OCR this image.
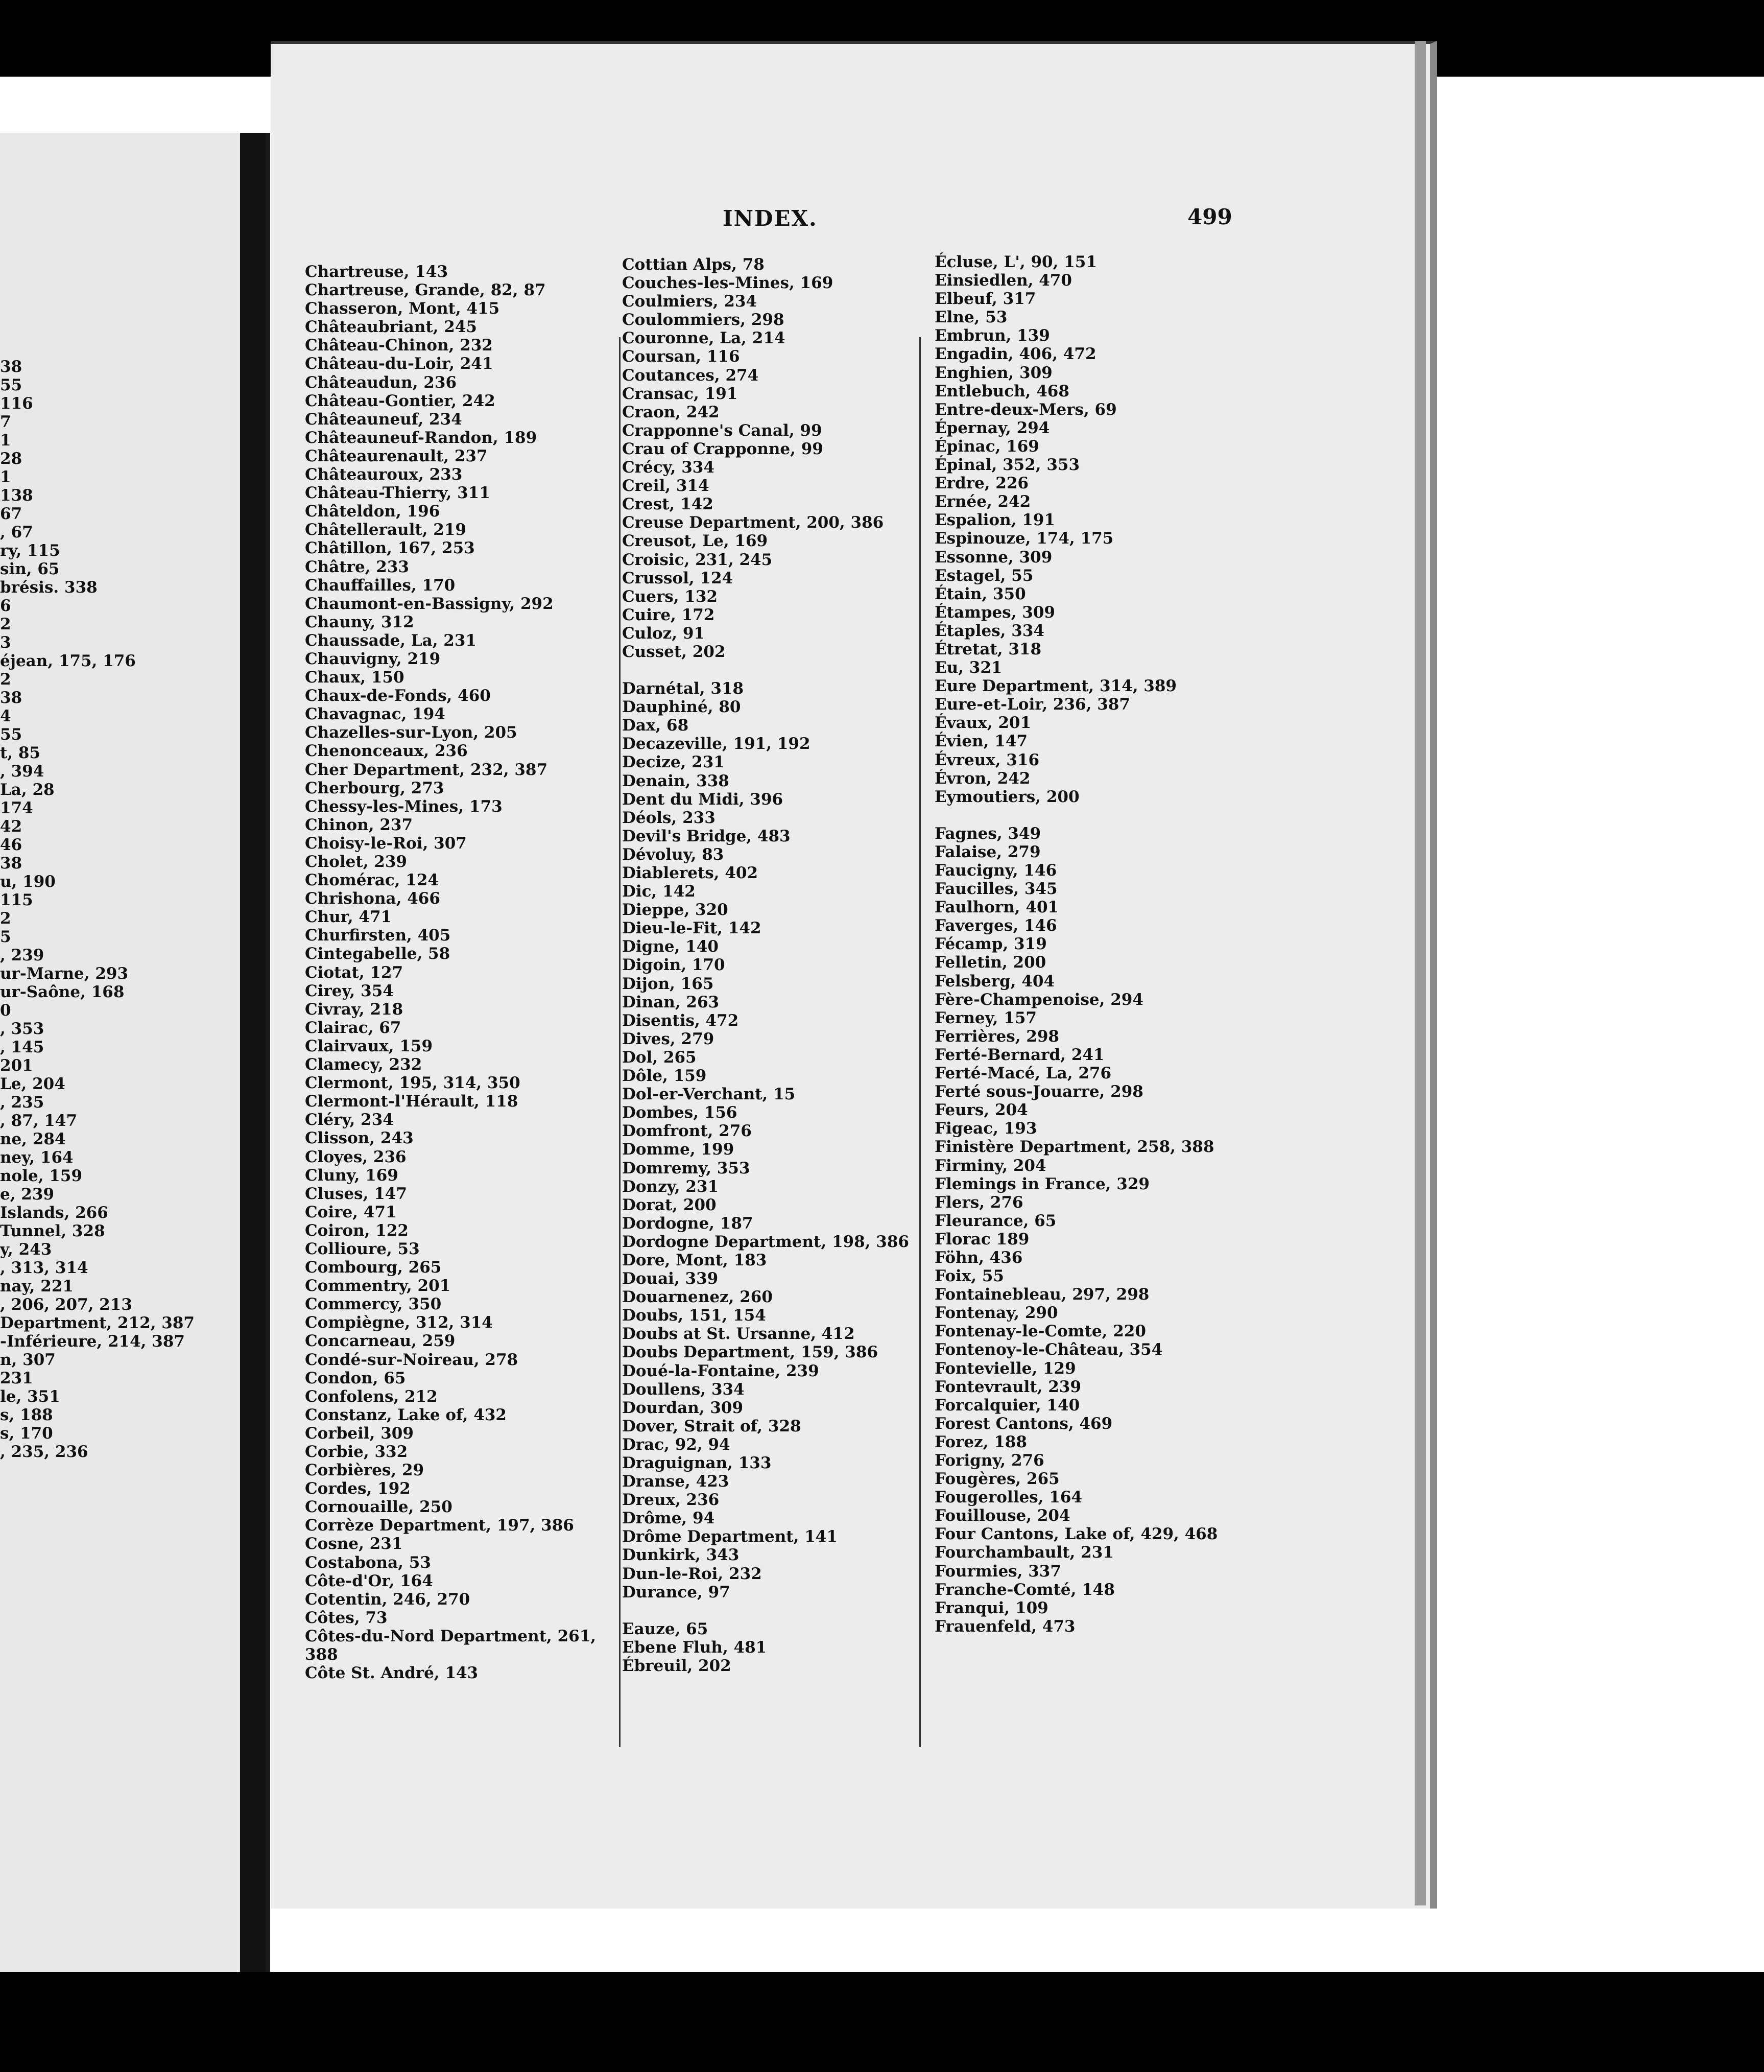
38
55
116
7
1
28
1
138
67
, 67
ry, 115
sin, 65
brésis. 338
6
2
3
éjean, 175, 176
2
38
4
55
t, 85
, 394
La, 28
174
42
46
38
u, 190
115
2
5
, 239
ur-Marne, 293
ur-Saône, 168
0
, 353
, 145
201
Le, 204
, 235
, 87, 147
ne, 284
ney, 164
nole, 159
e, 239
Islands, 266
Tunnel, 328
y, 243
, 313, 314
nay, 221
, 206, 207, 213
Department, 212, 387
-Inférieure, 214, 387
n, 307
231
le, 351
s, 188
s, 170
, 235, 236
INDEX.	499
Chartreuse, 143
Chartreuse, Grande, 82, 87
Chasseron, Mont, 415
Châteaubriant, 245
Château-Chinon, 232
Château-du-Loir, 241
Châteaudun, 236
Château-Gontier, 242
Châteauneuf, 234
Châteauneuf-Randon, 189
Châteaurenault, 237
Châteauroux, 233
Château-Thierry, 311
Châteldon, 196
Châtellerault, 219
Châtillon, 167, 253
Châtre, 233
Chauffailles, 170
Chaumont-en-Bassigny, 292
Chauny, 312
Chaussade, La, 231
Chauvigny, 219
Chaux, 150
Chaux-de-Fonds, 460
Chavagnac, 194
Chazelles-sur-Lyon, 205
Chenonceaux, 236
Cher Department, 232, 387
Cherbourg, 273
Chessy-les-Mines, 173
Chinon, 237
Choisy-le-Roi, 307
Cholet, 239
Chomérac, 124
Chrishona, 466
Chur, 471
Churfirsten, 405
Cintegabelle, 58
Ciotat, 127
Cirey, 354
Civray, 218
Clairac, 67
Clairvaux, 159
Clamecy, 232
Clermont, 195, 314, 350
Clermont-l'Hérault, 118
Cléry, 234
Clisson, 243
Cloyes, 236
Cluny, 169
Cluses, 147
Coire, 471
Coiron, 122
Collioure, 53
Combourg, 265
Commentry, 201
Commercy, 350
Compiègne, 312, 314
Concarneau, 259
Condé-sur-Noireau, 278
Condon, 65
Confolens, 212
Constanz, Lake of, 432
Corbeil, 309
Corbie, 332
Corbières, 29
Cordes, 192
Cornouaille, 250
Corrèze Department, 197, 386
Cosne, 231
Costabona, 53
Côte-d'Or, 164
Cotentin, 246, 270
Côtes, 73
Côtes-du-Nord Department, 261,
388
Côte St. André, 143
Cottian Alps, 78
Couches-les-Mines, 169
Coulmiers, 234
Coulommiers, 298
Couronne, La, 214
Coursan, 116
Coutances, 274
Cransac, 191
Craon, 242
Crapponne's Canal, 99
Crau of Crapponne, 99
Crécy, 334
Creil, 314
Crest, 142
Creuse Department, 200, 386
Creusot, Le, 169
Croisic, 231, 245
Crussol, 124
Cuers, 132
Cuire, 172
Culoz, 91
Cusset, 202
Darnétal, 318
Dauphiné, 80
Dax, 68
Decazeville, 191, 192
Decize, 231
Denain, 338
Dent du Midi, 396
Déols, 233
Devil's Bridge, 483
Dévoluy, 83
Diablerets, 402
Dic, 142
Dieppe, 320
Dieu-le-Fit, 142
Digne, 140
Digoin, 170
Dijon, 165
Dinan, 263
Disentis, 472
Dives, 279
Dol, 265
Dôle, 159
Dol-er-Verchant, 15
Dombes, 156
Domfront, 276
Domme, 199
Domremy, 353
Donzy, 231
Dorat, 200
Dordogne, 187
Dordogne Department, 198, 386
Dore, Mont, 183
Douai, 339
Douarnenez, 260
Doubs, 151, 154
Doubs at St. Ursanne, 412
Doubs Department, 159, 386
Doué-la-Fontaine, 239
Doullens, 334
Dourdan, 309
Dover, Strait of, 328
Drac, 92, 94
Draguignan, 133
Dranse, 423
Dreux, 236
Drôme, 94
Drôme Department, 141
Dunkirk, 343
Dun-le-Roi, 232
Durance, 97
Eauze, 65
Ebene Fluh, 481
Ébreuil, 202
Écluse, L', 90, 151
Einsiedlen, 470
Elbeuf, 317
Elne, 53
Embrun, 139
Engadin, 406, 472
Enghien, 309
Entlebuch, 468
Entre-deux-Mers, 69
Épernay, 294
Épinac, 169
Épinal, 352, 353
Erdre, 226
Ernée, 242
Espalion, 191
Espinouze, 174, 175
Essonne, 309
Estagel, 55
Étain, 350
Étampes, 309
Étaples, 334
Étretat, 318
Eu, 321
Eure Department, 314, 389
Eure-et-Loir, 236, 387
Évaux, 201
Évien, 147
Évreux, 316
Évron, 242
Eymoutiers, 200
Fagnes, 349
Falaise, 279
Faucigny, 146
Faucilles, 345
Faulhorn, 401
Faverges, 146
Fécamp, 319
Felletin, 200
Felsberg, 404
Fère-Champenoise, 294
Ferney, 157
Ferrières, 298
Ferté-Bernard, 241
Ferté-Macé, La, 276
Ferté sous-Jouarre, 298
Feurs, 204
Figeac, 193
Finistère Department, 258, 388
Firminy, 204
Flemings in France, 329
Flers, 276
Fleurance, 65
Florac 189
Föhn, 436
Foix, 55
Fontainebleau, 297, 298
Fontenay, 290
Fontenay-le-Comte, 220
Fontenoy-le-Château, 354
Fontevielle, 129
Fontevrault, 239
Forcalquier, 140
Forest Cantons, 469
Forez, 188
Forigny, 276
Fougères, 265
Fougerolles, 164
Fouillouse, 204
Four Cantons, Lake of, 429, 468
Fourchambault, 231
Fourmies, 337
Franche-Comté, 148
Franqui, 109
Frauenfeld, 473
